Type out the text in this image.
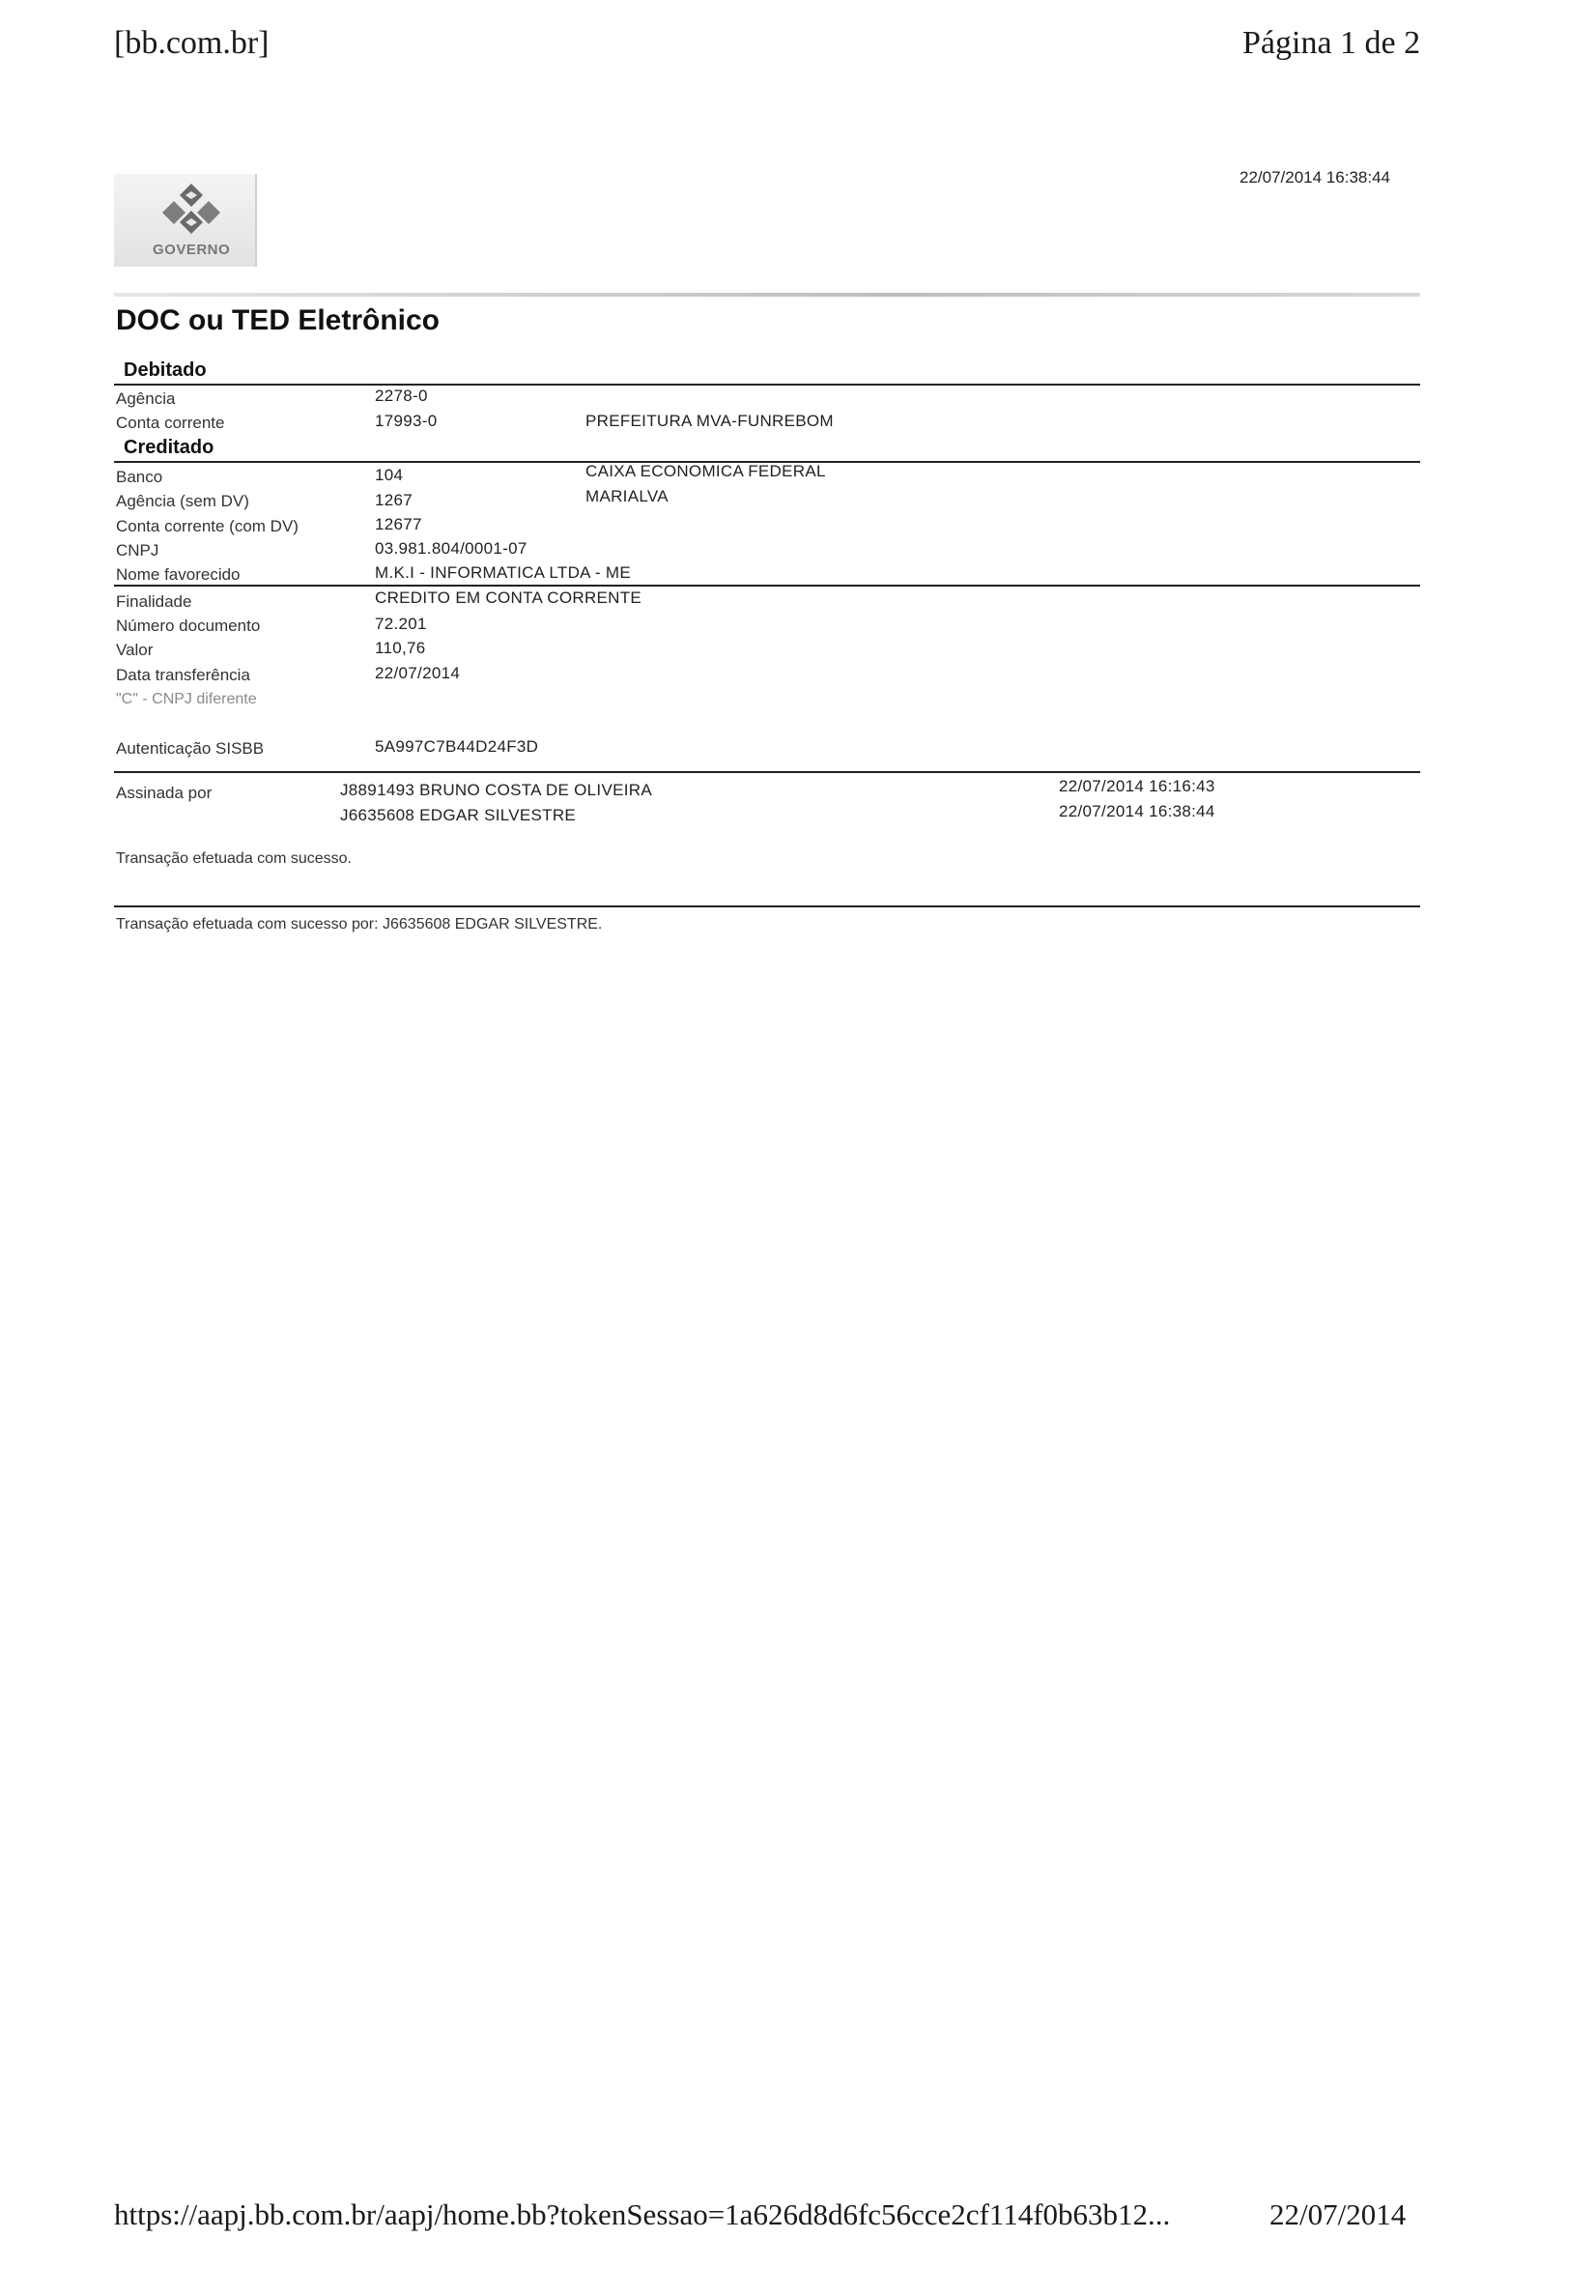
[bb.com.br]	Página 1 de 2
GOVERNO
22/07/2014 16:38:44
DOC ou TED Eletrônico
Debitado
Agência	2278-0
Conta corrente	17993-0	PREFEITURA MVA-FUNREBOM
Creditado
Banco	104	CAIXA ECONOMICA FEDERAL
Agência (sem DV)	1267	MARIALVA
Conta corrente (com DV)	12677
CNPJ	03.981.804/0001-07
Nome favorecido	M.K.I - INFORMATICA LTDA - ME
Finalidade	CREDITO EM CONTA CORRENTE
Número documento	72.201
Valor	110,76
Data transferência	22/07/2014
"C" - CNPJ diferente
Autenticação SISBB	5A997C7B44D24F3D
Assinada por	J8891493 BRUNO COSTA DE OLIVEIRA	22/07/2014 16:16:43
J6635608 EDGAR SILVESTRE	22/07/2014 16:38:44
Transação efetuada com sucesso.
Transação efetuada com sucesso por: J6635608 EDGAR SILVESTRE.
https://aapj.bb.com.br/aapj/home.bb?tokenSessao=1a626d8d6fc56cce2cf114f0b63b12...	22/07/2014
